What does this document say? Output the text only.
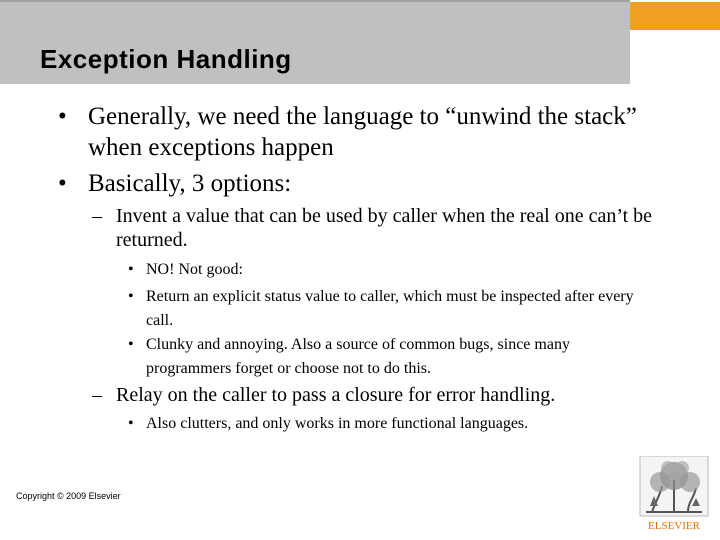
Exception Handling
• Generally, we need the language to “unwind the stack” when exceptions happen
• Basically, 3 options:
– Invent a value that can be used by caller when the real one can’t be returned.
• NO! Not good:
• Return an explicit status value to caller, which must be inspected after every call.
• Clunky and annoying. Also a source of common bugs, since many programmers forget or choose not to do this.
– Relay on the caller to pass a closure for error handling.
• Also clutters, and only works in more functional languages.
Copyright © 2009 Elsevier
ELSEVIER
